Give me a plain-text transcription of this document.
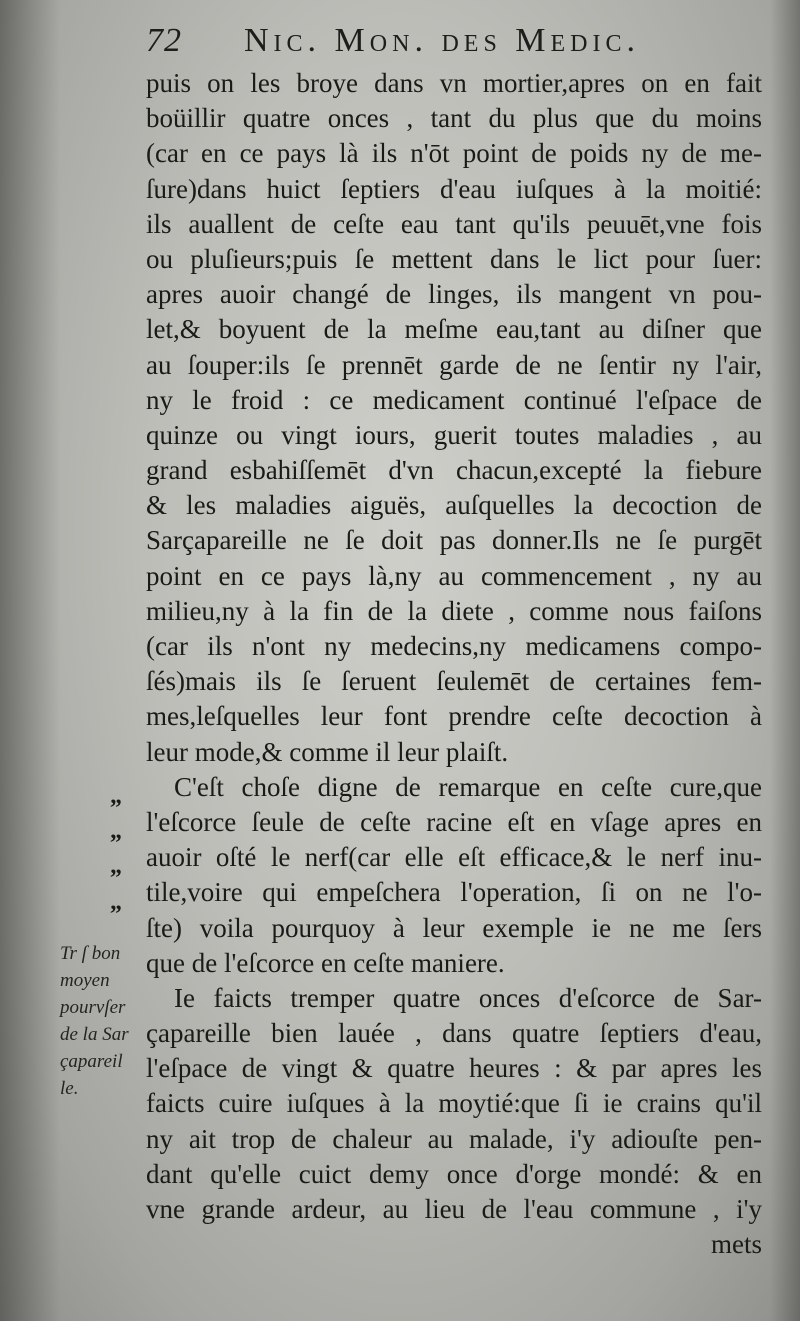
72 Nic. Mon. des Medic.
puis on les broye dans vn mortier,apres on en fait
boüillir quatre onces , tant du plus que du moins
(car en ce pays là ils n'ōt point de poids ny de me-
ſure)dans huict ſeptiers d'eau iuſques à la moitié:
ils auallent de ceſte eau tant qu'ils peuuēt,vne fois
ou pluſieurs;puis ſe mettent dans le lict pour ſuer:
apres auoir changé de linges, ils mangent vn pou-
let,& boyuent de la meſme eau,tant au diſner que
au ſouper:ils ſe prennēt garde de ne ſentir ny l'air,
ny le froid : ce medicament continué l'eſpace de
quinze ou vingt iours, guerit toutes maladies , au
grand esbahiſſemēt d'vn chacun,excepté la fiebure
& les maladies aiguës, auſquelles la decoction de
Sarçapareille ne ſe doit pas donner.Ils ne ſe purgēt
point en ce pays là,ny au commencement , ny au
milieu,ny à la fin de la diete , comme nous faiſons
(car ils n'ont ny medecins,ny medicamens compo-
ſés)mais ils ſe ſeruent ſeulemēt de certaines fem-
mes,leſquelles leur font prendre ceſte decoction à
leur mode,& comme il leur plaiſt.
C'eſt choſe digne de remarque en ceſte cure,que
l'eſcorce ſeule de ceſte racine eſt en vſage apres en
auoir oſté le nerf(car elle eſt efficace,& le nerf inu-
tile,voire qui empeſchera l'operation, ſi on ne l'o-
ſte) voila pourquoy à leur exemple ie ne me ſers
que de l'eſcorce en ceſte maniere.
Ie faicts tremper quatre onces d'eſcorce de Sar-
çapareille bien lauée , dans quatre ſeptiers d'eau,
l'eſpace de vingt & quatre heures : & par apres les
faicts cuire iuſques à la moytié:que ſi ie crains qu'il
ny ait trop de chaleur au malade, i'y adiouſte pen-
dant qu'elle cuict demy once d'orge mondé: & en
vne grande ardeur, au lieu de l'eau commune , i'y
mets
„
„
„
„
Tr ſ bon
moyen
pourvſer
de la Sar
çapareil
le.
